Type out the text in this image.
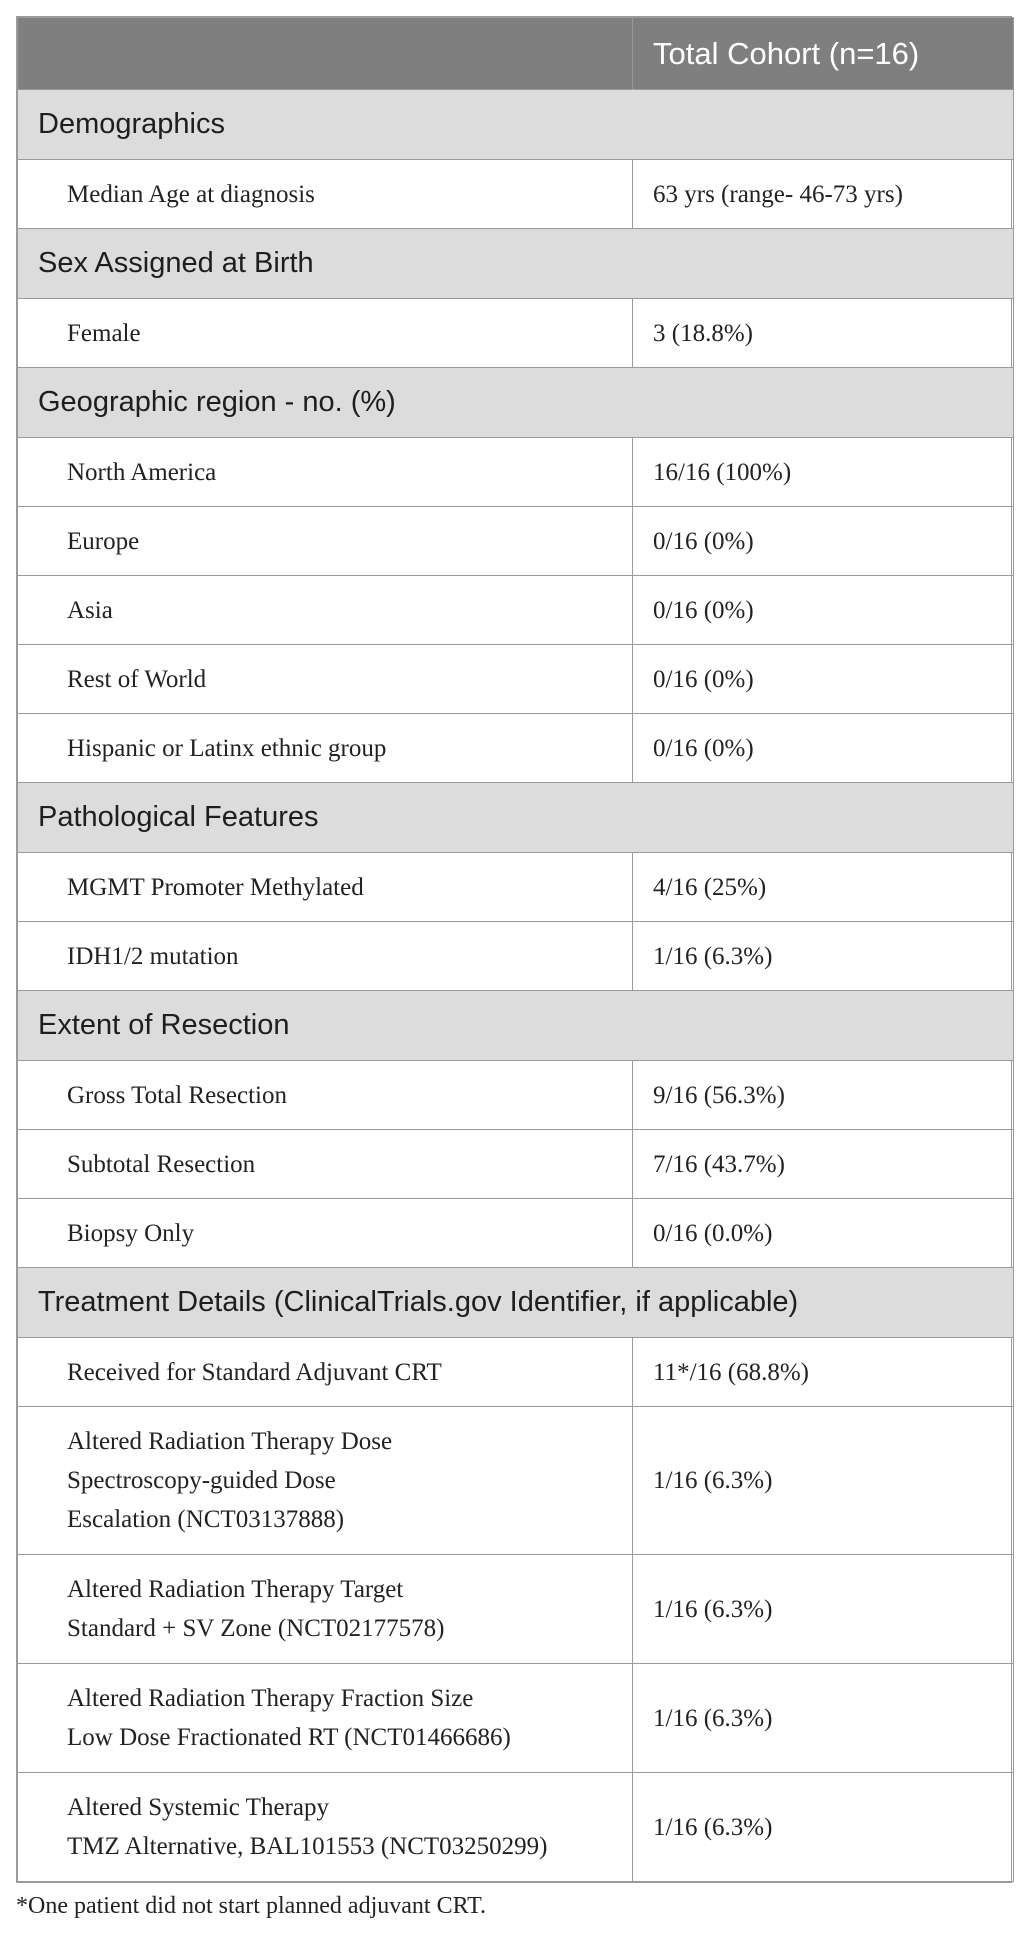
	Total Cohort (n=16)
Demographics	
Median Age at diagnosis	63 yrs (range- 46-73 yrs)
Sex Assigned at Birth	
Female	3 (18.8%)
Geographic region - no. (%)	
North America	16/16 (100%)
Europe	0/16 (0%)
Asia	0/16 (0%)
Rest of World	0/16 (0%)
Hispanic or Latinx ethnic group	0/16 (0%)
Pathological Features	
MGMT Promoter Methylated	4/16 (25%)
IDH1/2 mutation	1/16 (6.3%)
Extent of Resection	
Gross Total Resection	9/16 (56.3%)
Subtotal Resection	7/16 (43.7%)
Biopsy Only	0/16 (0.0%)
Treatment Details (ClinicalTrials.gov Identifier, if applicable)	

Received for Standard Adjuvant CRT	11*/16 (68.8%)

Altered Radiation Therapy Dose
Spectroscopy-guided Dose
Escalation (NCT03137888)	1/16 (6.3%)

Altered Radiation Therapy Target
Standard + SV Zone (NCT02177578)	1/16 (6.3%)

Altered Radiation Therapy Fraction Size
Low Dose Fractionated RT (NCT01466686)	1/16 (6.3%)

Altered Systemic Therapy
TMZ Alternative, BAL101553 (NCT03250299)	1/16 (6.3%)
*One patient did not start planned adjuvant CRT.
